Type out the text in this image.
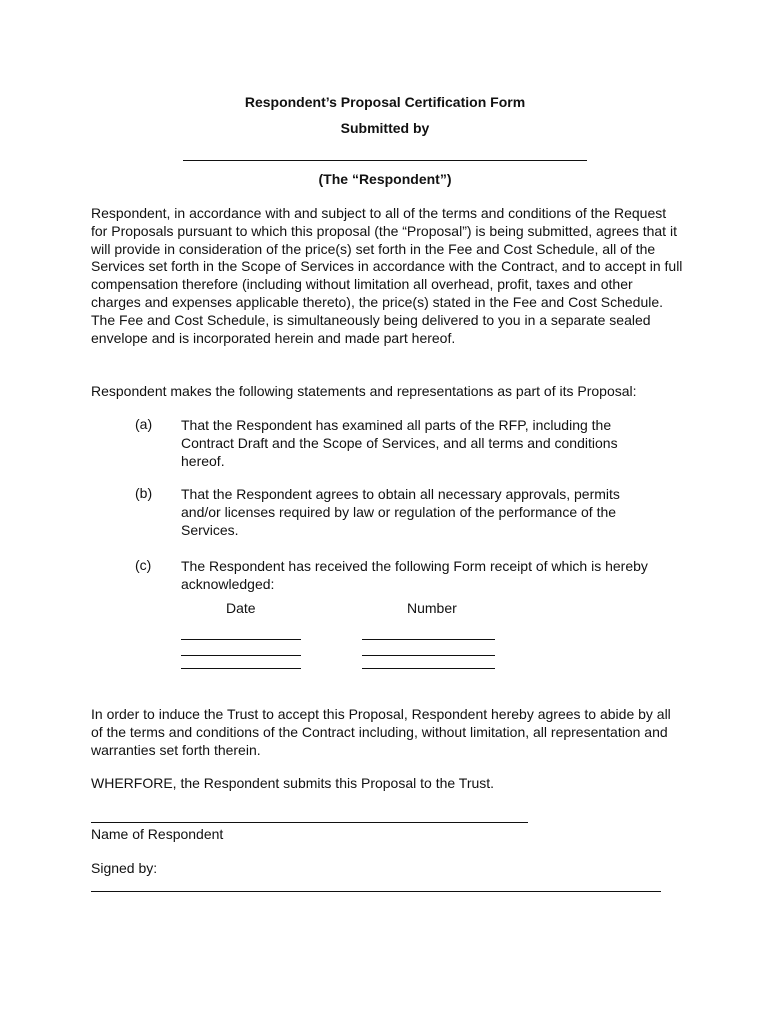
Respondent’s Proposal Certification Form
Submitted by
(The “Respondent”)

Respondent, in accordance with and subject to all of the terms and conditions of the Request for Proposals pursuant to which this proposal (the “Proposal”) is being submitted, agrees that it will provide in consideration of the price(s) set forth in the Fee and Cost Schedule, all of the Services set forth in the Scope of Services in accordance with the Contract, and to accept in full compensation therefore (including without limitation all overhead, profit, taxes and other charges and expenses applicable thereto), the price(s) stated in the Fee and Cost Schedule. The Fee and Cost Schedule, is simultaneously being delivered to you in a separate sealed envelope and is incorporated herein and made part hereof.

Respondent makes the following statements and representations as part of its Proposal:

(a) That the Respondent has examined all parts of the RFP, including the Contract Draft and the Scope of Services, and all terms and conditions hereof.
(b) That the Respondent agrees to obtain all necessary approvals, permits and/or licenses required by law or regulation of the performance of the Services.
(c) The Respondent has received the following Form receipt of which is hereby acknowledged:
Date	Number

In order to induce the Trust to accept this Proposal, Respondent hereby agrees to abide by all of the terms and conditions of the Contract including, without limitation, all representation and warranties set forth therein.

WHERFORE, the Respondent submits this Proposal to the Trust.

Name of Respondent
Signed by:
